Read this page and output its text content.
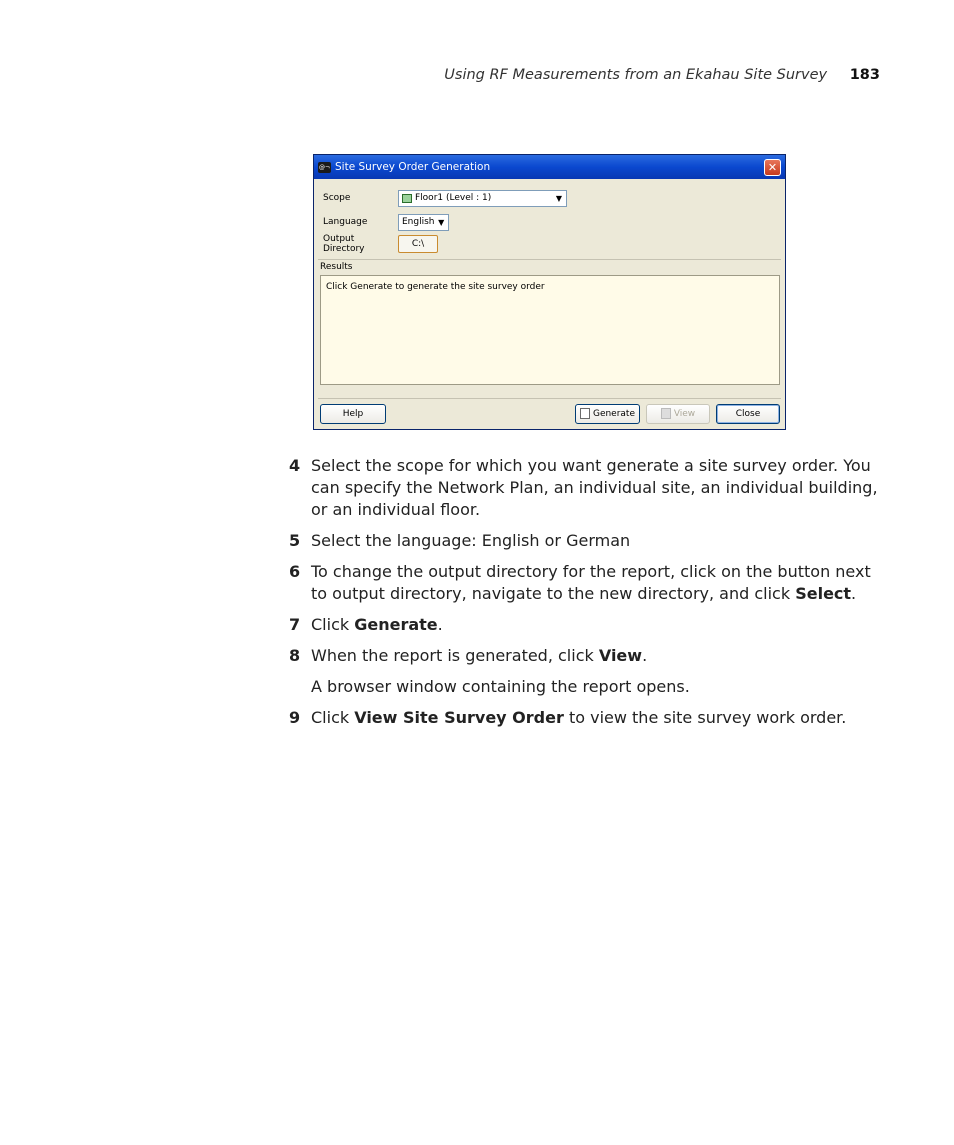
Using RF Measurements from an Ekahau Site Survey 183
@¬ Site Survey Order Generation	✕
Scope	Floor1 (Level : 1)	▼
Language	English ▼
Output Directory	C:\
Results
Click Generate to generate the site survey order
Help	Generate	View	Close
4 Select the scope for which you want generate a site survey order. You can specify the Network Plan, an individual site, an individual building, or an individual floor.
5 Select the language: English or German
6 To change the output directory for the report, click on the button next to output directory, navigate to the new directory, and click Select.
7 Click Generate.
8 When the report is generated, click View.
A browser window containing the report opens.
9 Click View Site Survey Order to view the site survey work order.
